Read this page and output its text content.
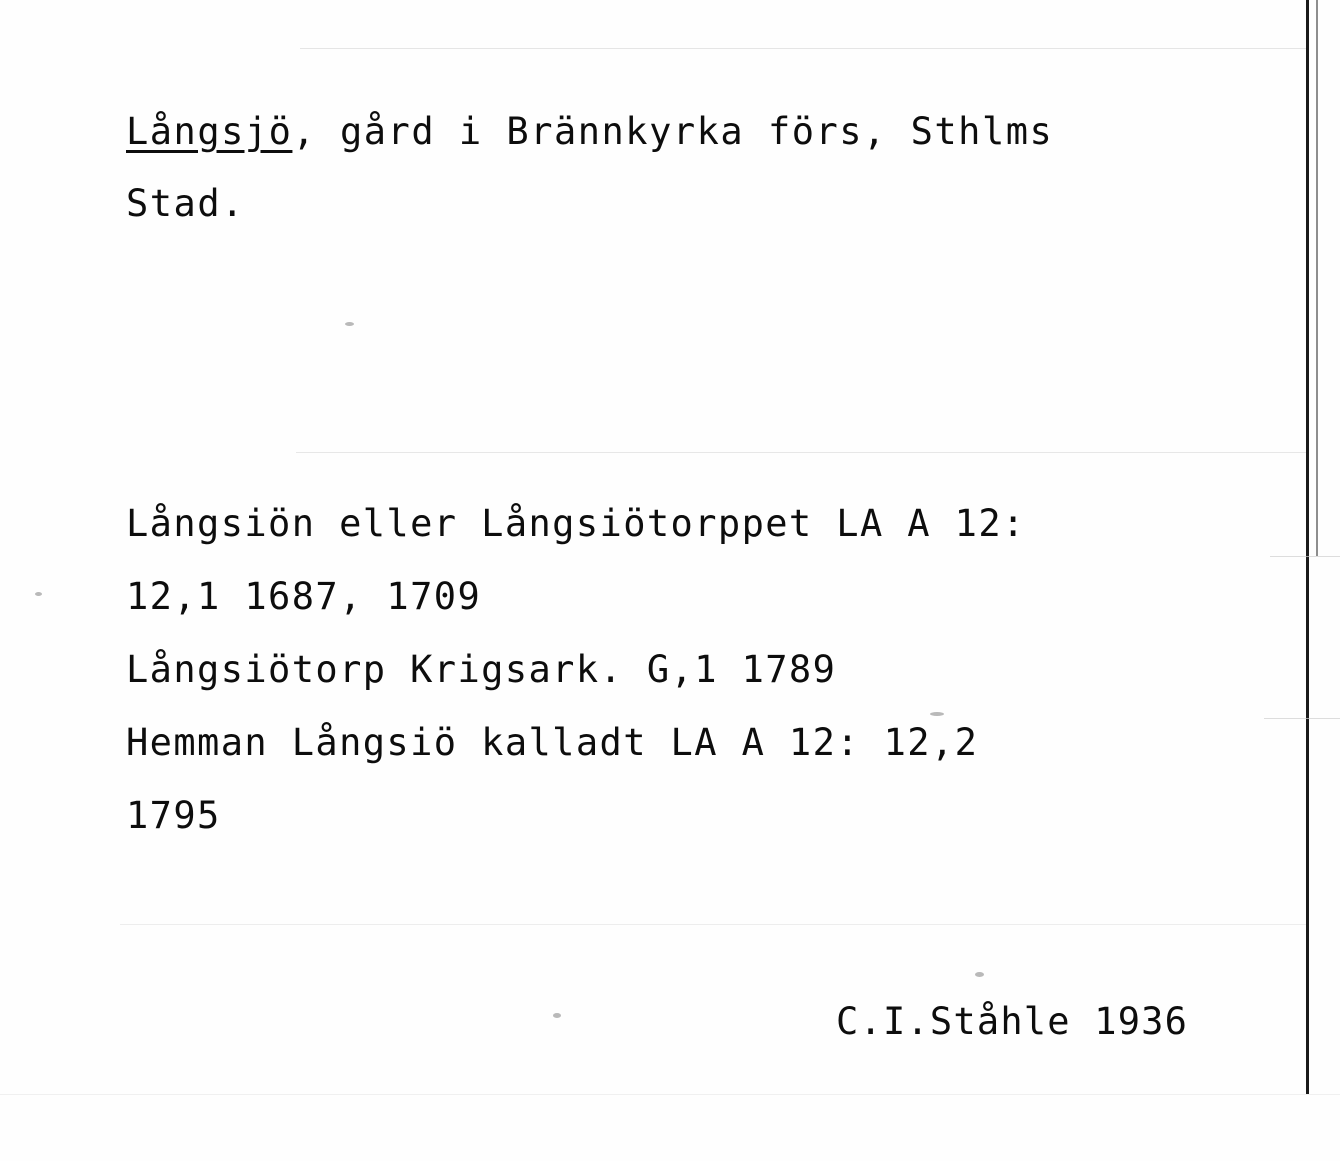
Långsjö, gård i Brännkyrka förs, Sthlms
Stad.
Långsiön eller Långsiötorppet LA A 12:
12,1 1687, 1709
Långsiötorp Krigsark. G,1 1789
Hemman Långsiö kalladt LA A 12: 12,2
1795
C.I.Ståhle 1936
